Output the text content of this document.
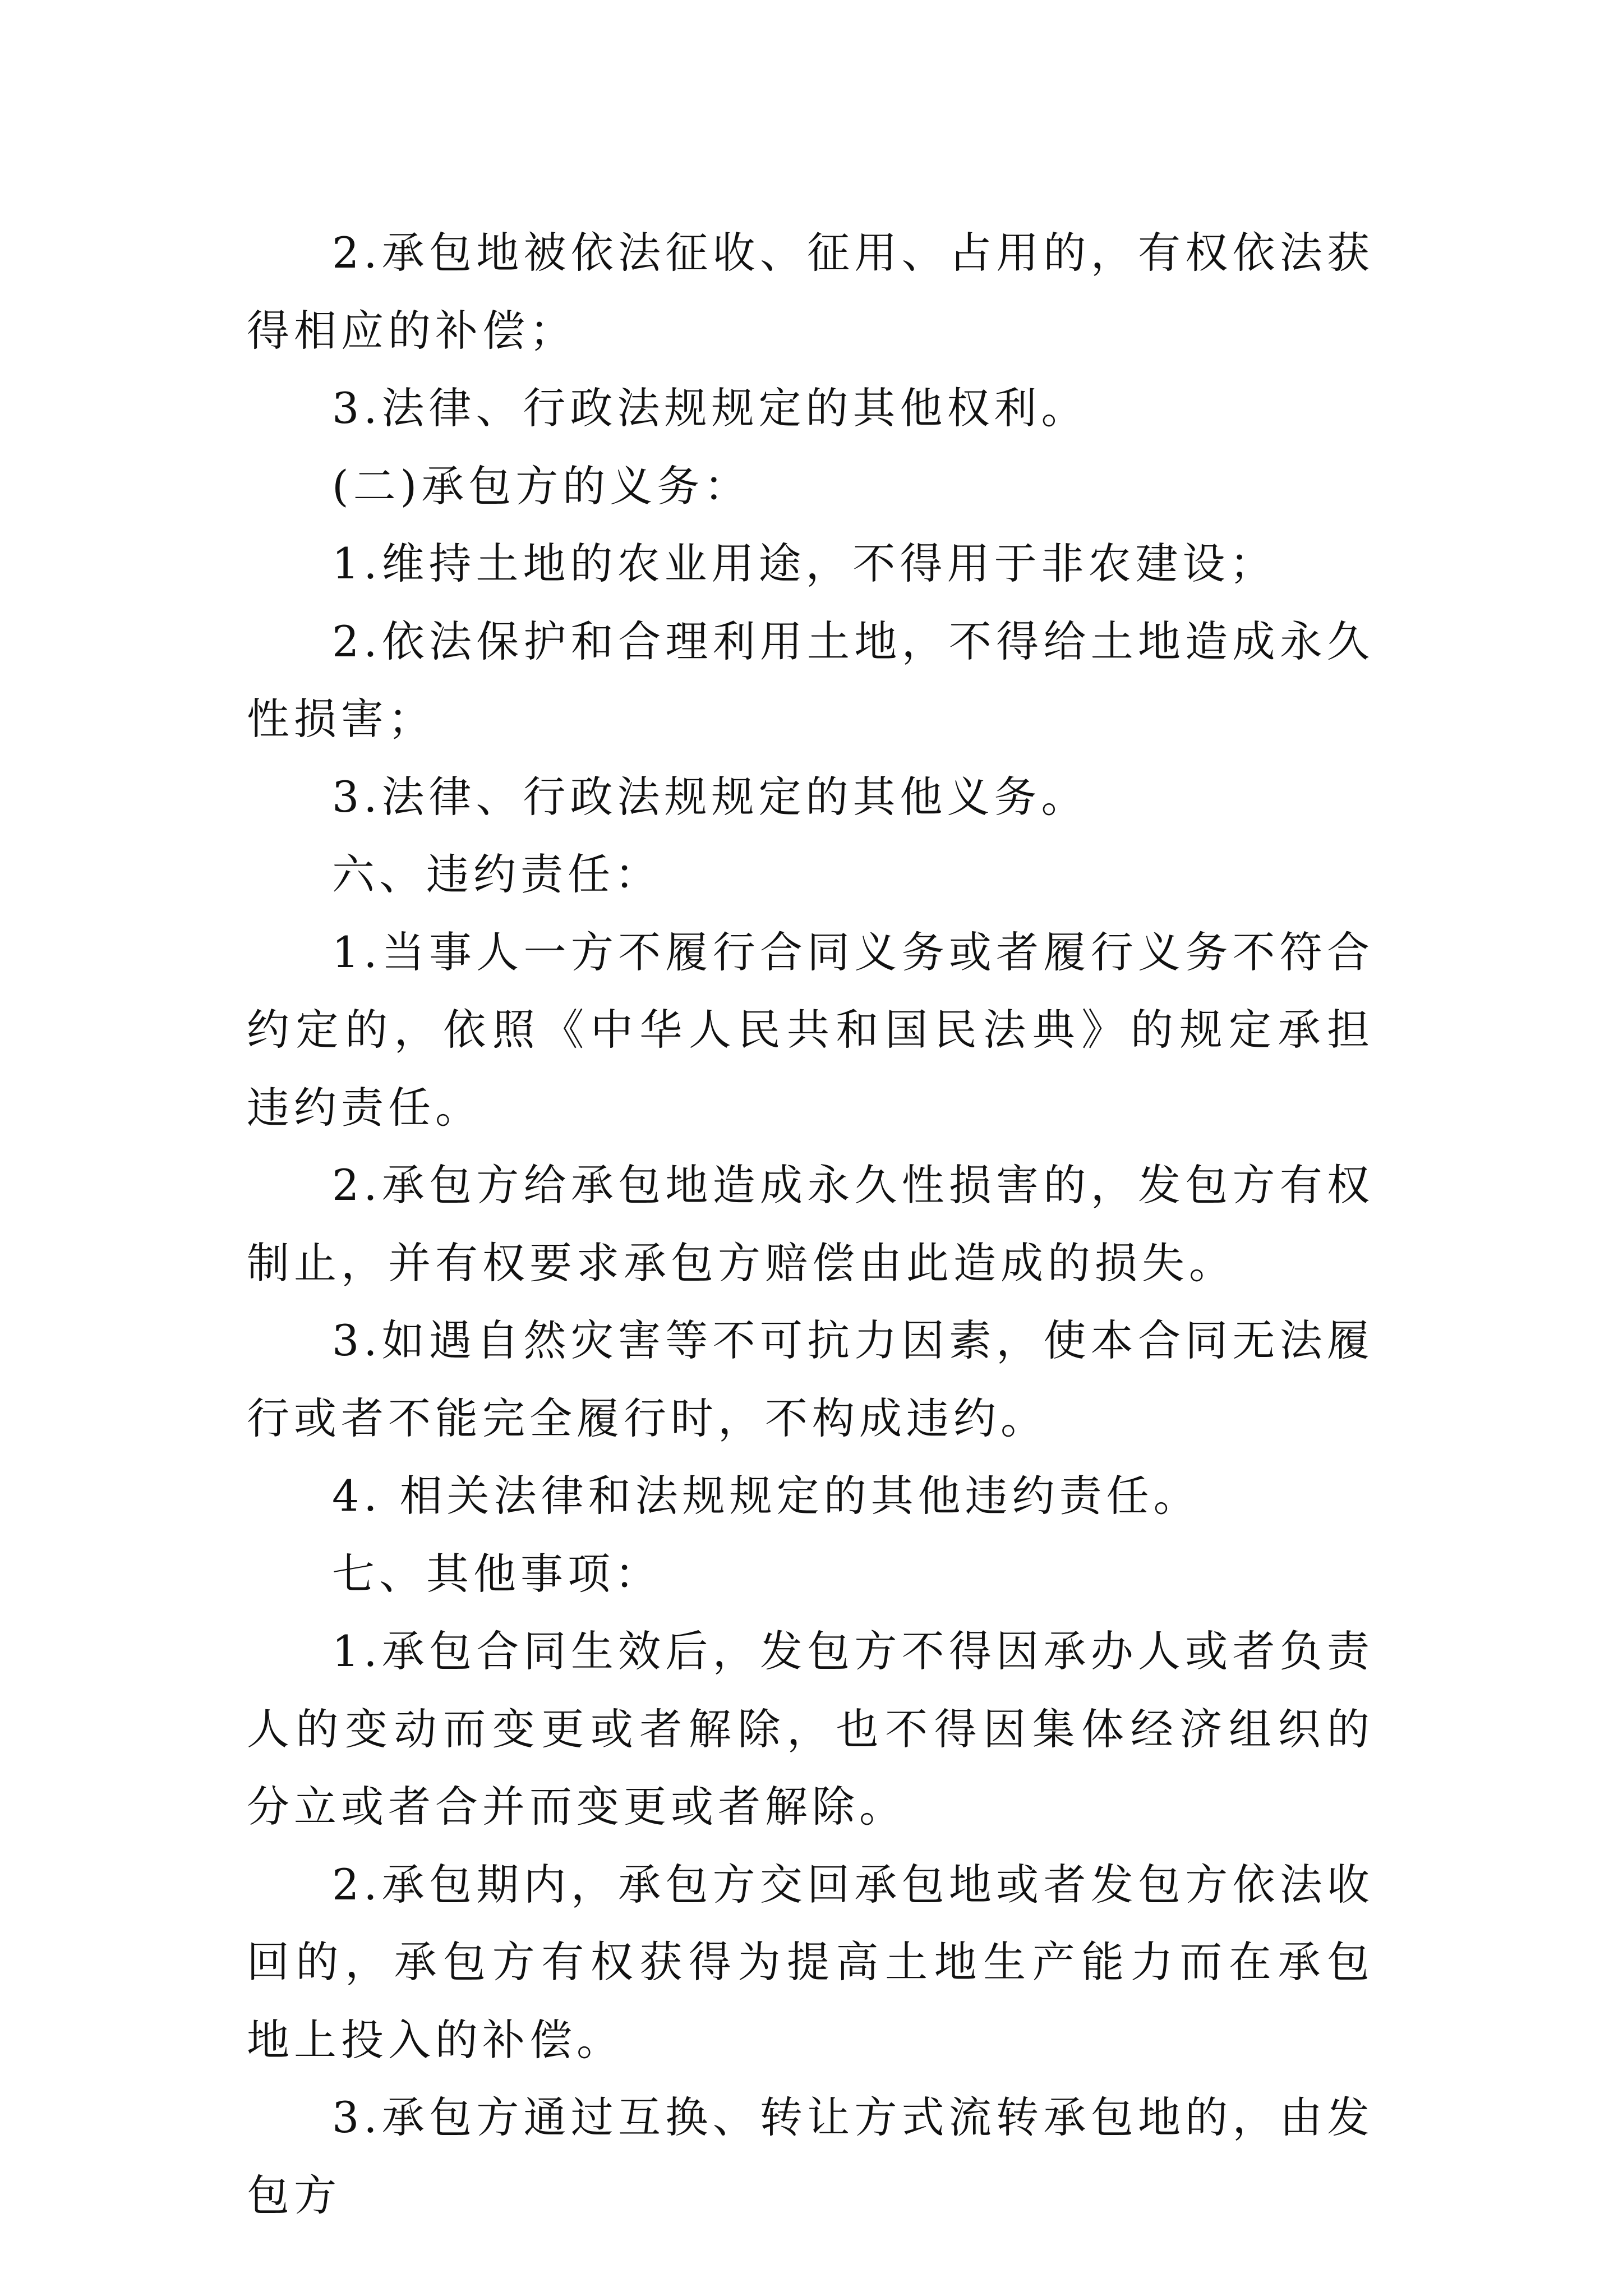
2.承包地被依法征收、征用、占用的，有权依法获得相应的补偿；

3.法律、行政法规规定的其他权利。

(二)承包方的义务：

1.维持土地的农业用途，不得用于非农建设；

2.依法保护和合理利用土地，不得给土地造成永久性损害；

3.法律、行政法规规定的其他义务。

六、违约责任：

1.当事人一方不履行合同义务或者履行义务不符合约定的，依照《中华人民共和国民法典》的规定承担违约责任。

2.承包方给承包地造成永久性损害的，发包方有权制止，并有权要求承包方赔偿由此造成的损失。

3.如遇自然灾害等不可抗力因素，使本合同无法履行或者不能完全履行时，不构成违约。

4. 相关法律和法规规定的其他违约责任。

七、其他事项：

1.承包合同生效后，发包方不得因承办人或者负责人的变动而变更或者解除，也不得因集体经济组织的分立或者合并而变更或者解除。

2.承包期内，承包方交回承包地或者发包方依法收回的，承包方有权获得为提高土地生产能力而在承包地上投入的补偿。

3.承包方通过互换、转让方式流转承包地的，由发包方
